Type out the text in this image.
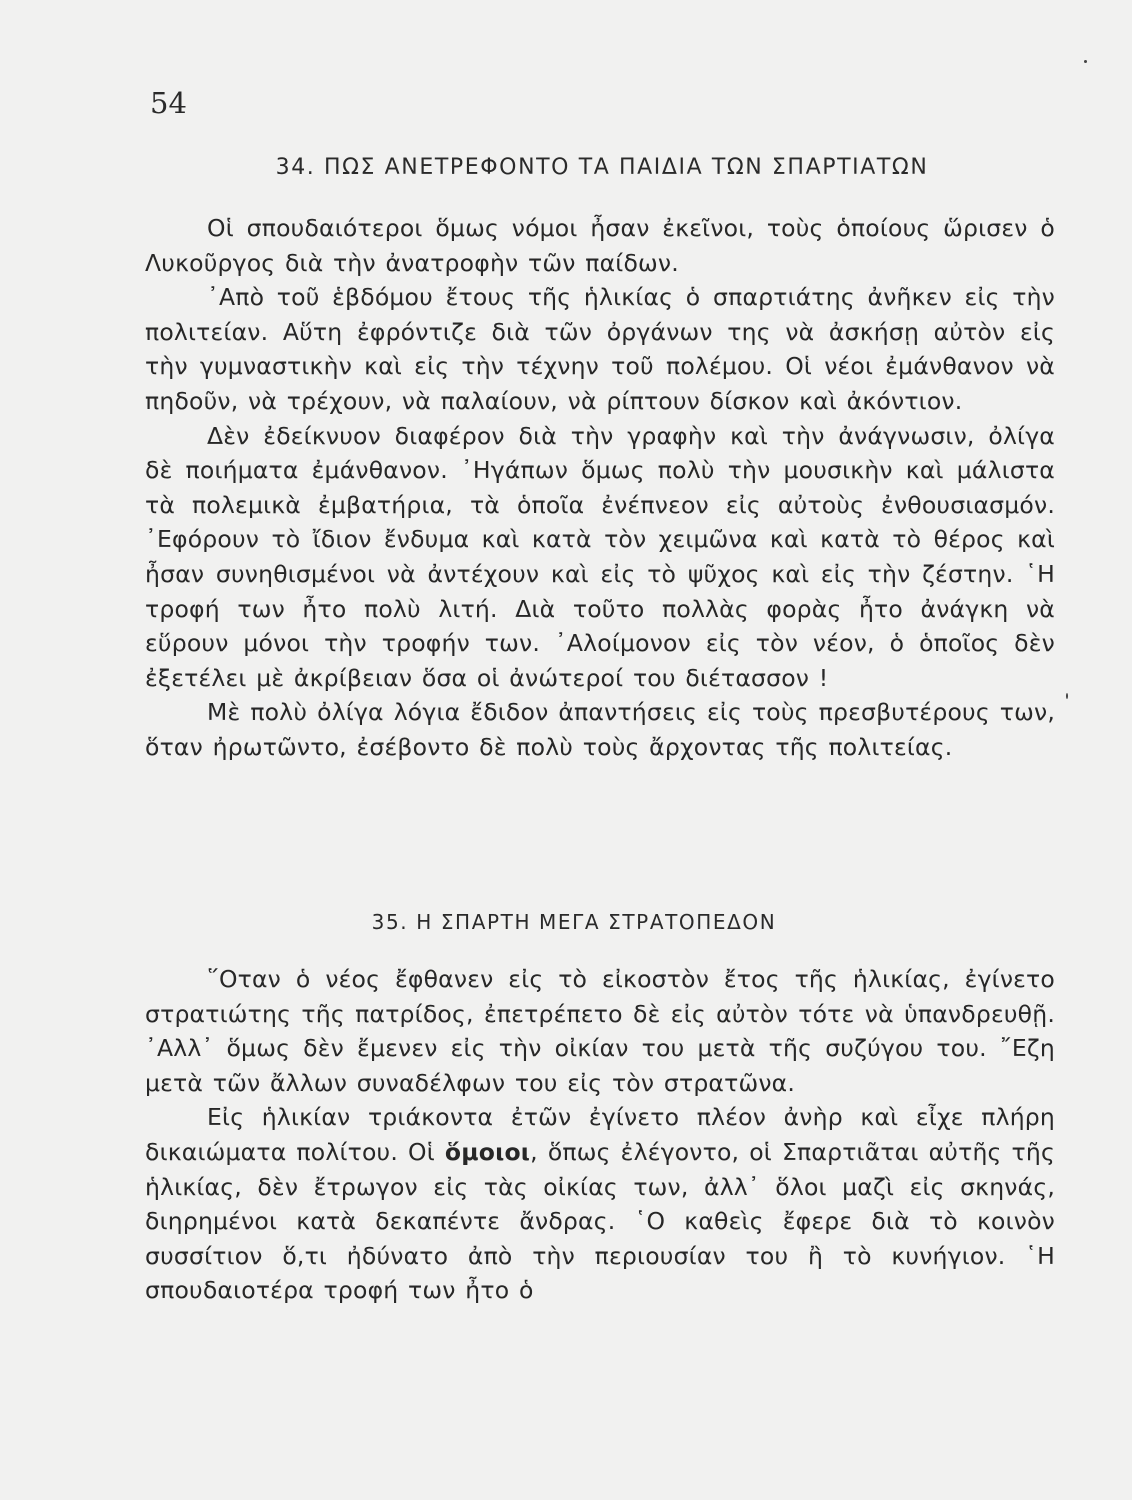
54
34. ΠΩΣ ΑΝΕΤΡΕΦΟΝΤΟ ΤΑ ΠΑΙΔΙΑ ΤΩΝ ΣΠΑΡΤΙΑΤΩΝ

Οἱ σπουδαιότεροι ὅμως νόμοι ἦσαν ἐκεῖνοι, τοὺς ὁποίους ὥρισεν ὁ Λυκοῦργος διὰ τὴν ἀνατροφὴν τῶν παίδων.

᾿Απὸ τοῦ ἑβδόμου ἔτους τῆς ἡλικίας ὁ σπαρτιάτης ἀνῆκεν εἰς τὴν πολιτείαν. Αὕτη ἐφρόντιζε διὰ τῶν ὀργάνων της νὰ ἀσκήσῃ αὐτὸν εἰς τὴν γυμναστικὴν καὶ εἰς τὴν τέχνην τοῦ πολέμου. Οἱ νέοι ἐμάνθανον νὰ πηδοῦν, νὰ τρέχουν, νὰ παλαίουν, νὰ ρίπτουν δίσκον καὶ ἀκόντιον.

Δὲν ἐδείκνυον διαφέρον διὰ τὴν γραφὴν καὶ τὴν ἀνάγνωσιν, ὀλίγα δὲ ποιήματα ἐμάνθανον. ᾿Ηγάπων ὅμως πολὺ τὴν μουσικὴν καὶ μάλιστα τὰ πολεμικὰ ἐμβατήρια, τὰ ὁποῖα ἐνέπνεον εἰς αὐτοὺς ἐνθουσιασμόν. ᾿Εφόρουν τὸ ἴδιον ἔνδυμα καὶ κατὰ τὸν χειμῶνα καὶ κατὰ τὸ θέρος καὶ ἦσαν συνηθισμένοι νὰ ἀντέχουν καὶ εἰς τὸ ψῦχος καὶ εἰς τὴν ζέστην. ῾Η τροφή των ἦτο πολὺ λιτή. Διὰ τοῦτο πολλὰς φορὰς ἦτο ἀνάγκη νὰ εὕρουν μόνοι τὴν τροφήν των. ᾿Αλοίμονον εἰς τὸν νέον, ὁ ὁποῖος δὲν ἐξετέλει μὲ ἀκρίβειαν ὅσα οἱ ἀνώτεροί του διέτασσον !

Μὲ πολὺ ὀλίγα λόγια ἔδιδον ἀπαντήσεις εἰς τοὺς πρεσβυτέρους των, ὅταν ἠρωτῶντο, ἐσέβοντο δὲ πολὺ τοὺς ἄρχοντας τῆς πολιτείας.

35. Η ΣΠΑΡΤΗ ΜΕΓΑ ΣΤΡΑΤΟΠΕΔΟΝ

῞Οταν ὁ νέος ἔφθανεν εἰς τὸ εἰκοστὸν ἔτος τῆς ἡλικίας, ἐγίνετο στρατιώτης τῆς πατρίδος, ἐπετρέπετο δὲ εἰς αὐτὸν τότε νὰ ὑπανδρευθῇ. ᾿Αλλ᾿ ὅμως δὲν ἔμενεν εἰς τὴν οἰκίαν του μετὰ τῆς συζύγου του. ῎Εζη μετὰ τῶν ἄλλων συναδέλφων του εἰς τὸν στρατῶνα.

Εἰς ἡλικίαν τριάκοντα ἐτῶν ἐγίνετο πλέον ἀνὴρ καὶ εἶχε πλήρη δικαιώματα πολίτου. Οἱ ὅμοιοι, ὅπως ἐλέγοντο, οἱ Σπαρτιᾶται αὐτῆς τῆς ἡλικίας, δὲν ἔτρωγον εἰς τὰς οἰκίας των, ἀλλ᾿ ὅλοι μαζὶ εἰς σκηνάς, διηρημένοι κατὰ δεκαπέντε ἄνδρας. ῾Ο καθεὶς ἔφερε διὰ τὸ κοινὸν συσσίτιον ὅ,τι ἠδύνατο ἀπὸ τὴν περιουσίαν του ἢ τὸ κυνήγιον. ῾Η σπουδαιοτέρα τροφή των ἦτο ὁ
